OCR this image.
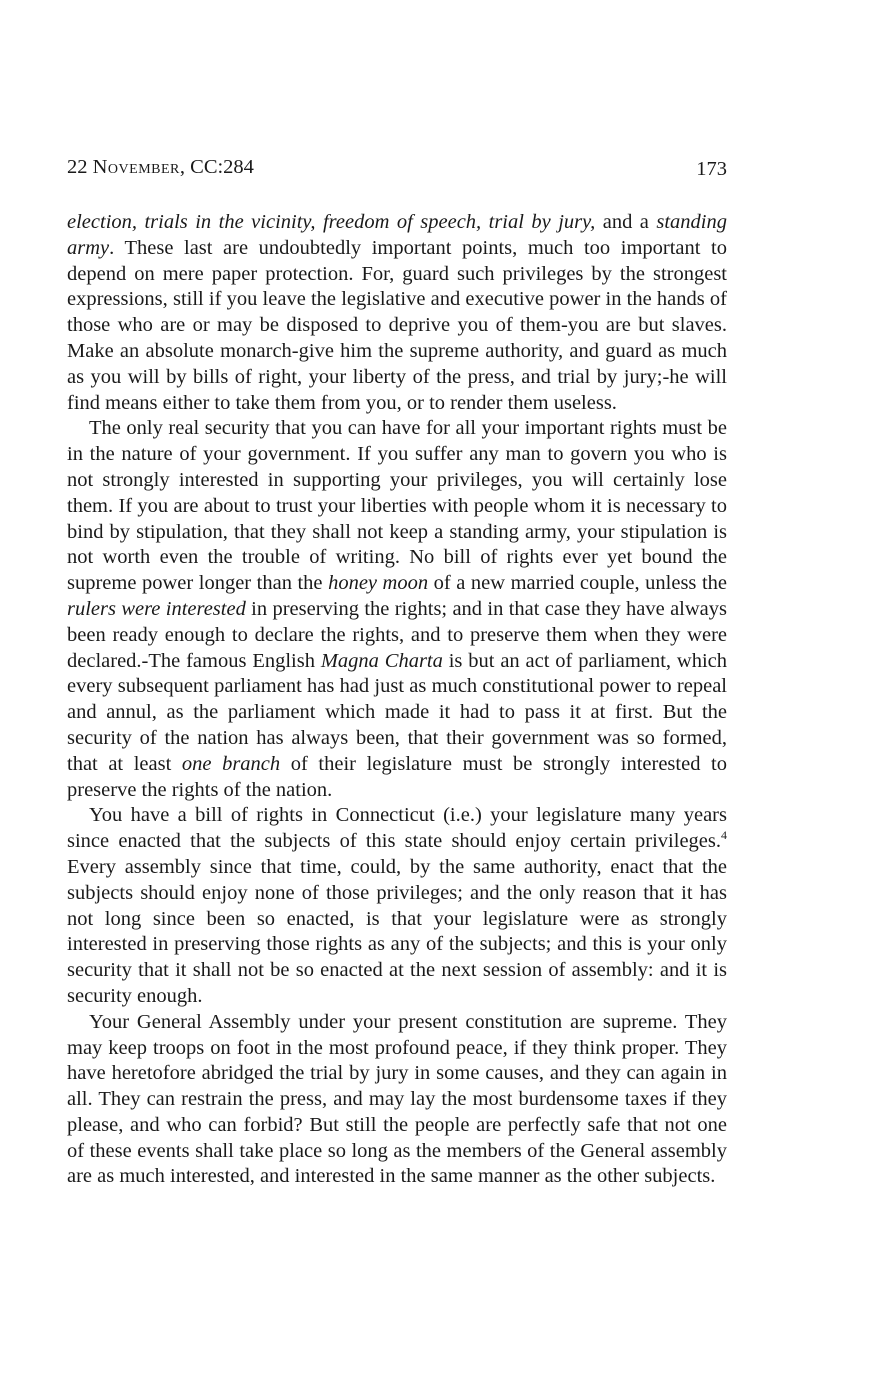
22 November, CC:284	173

election, trials in the vicinity, freedom of speech, trial by jury, and a standing army. These last are undoubtedly important points, much too important to depend on mere paper protection. For, guard such privileges by the strongest expressions, still if you leave the legislative and executive power in the hands of those who are or may be disposed to deprive you of them-you are but slaves. Make an absolute monarch-give him the supreme authority, and guard as much as you will by bills of right, your liberty of the press, and trial by jury;-he will find means either to take them from you, or to render them useless.

The only real security that you can have for all your important rights must be in the nature of your government. If you suffer any man to govern you who is not strongly interested in supporting your privileges, you will certainly lose them. If you are about to trust your liberties with people whom it is necessary to bind by stipulation, that they shall not keep a standing army, your stipulation is not worth even the trouble of writing. No bill of rights ever yet bound the supreme power longer than the honey moon of a new married couple, unless the rulers were interested in preserving the rights; and in that case they have always been ready enough to declare the rights, and to preserve them when they were declared.-The famous English Magna Charta is but an act of parliament, which every subsequent parliament has had just as much constitutional power to repeal and annul, as the parliament which made it had to pass it at first. But the security of the nation has always been, that their government was so formed, that at least one branch of their legislature must be strongly interested to preserve the rights of the nation.

You have a bill of rights in Connecticut (i.e.) your legislature many years since enacted that the subjects of this state should enjoy certain privileges.$^4$ Every assembly since that time, could, by the same authority, enact that the subjects should enjoy none of those privileges; and the only reason that it has not long since been so enacted, is that your legislature were as strongly interested in preserving those rights as any of the subjects; and this is your only security that it shall not be so enacted at the next session of assembly: and it is security enough.

Your General Assembly under your present constitution are supreme. They may keep troops on foot in the most profound peace, if they think proper. They have heretofore abridged the trial by jury in some causes, and they can again in all. They can restrain the press, and may lay the most burdensome taxes if they please, and who can forbid? But still the people are perfectly safe that not one of these events shall take place so long as the members of the General assembly are as much interested, and interested in the same manner as the other subjects.
